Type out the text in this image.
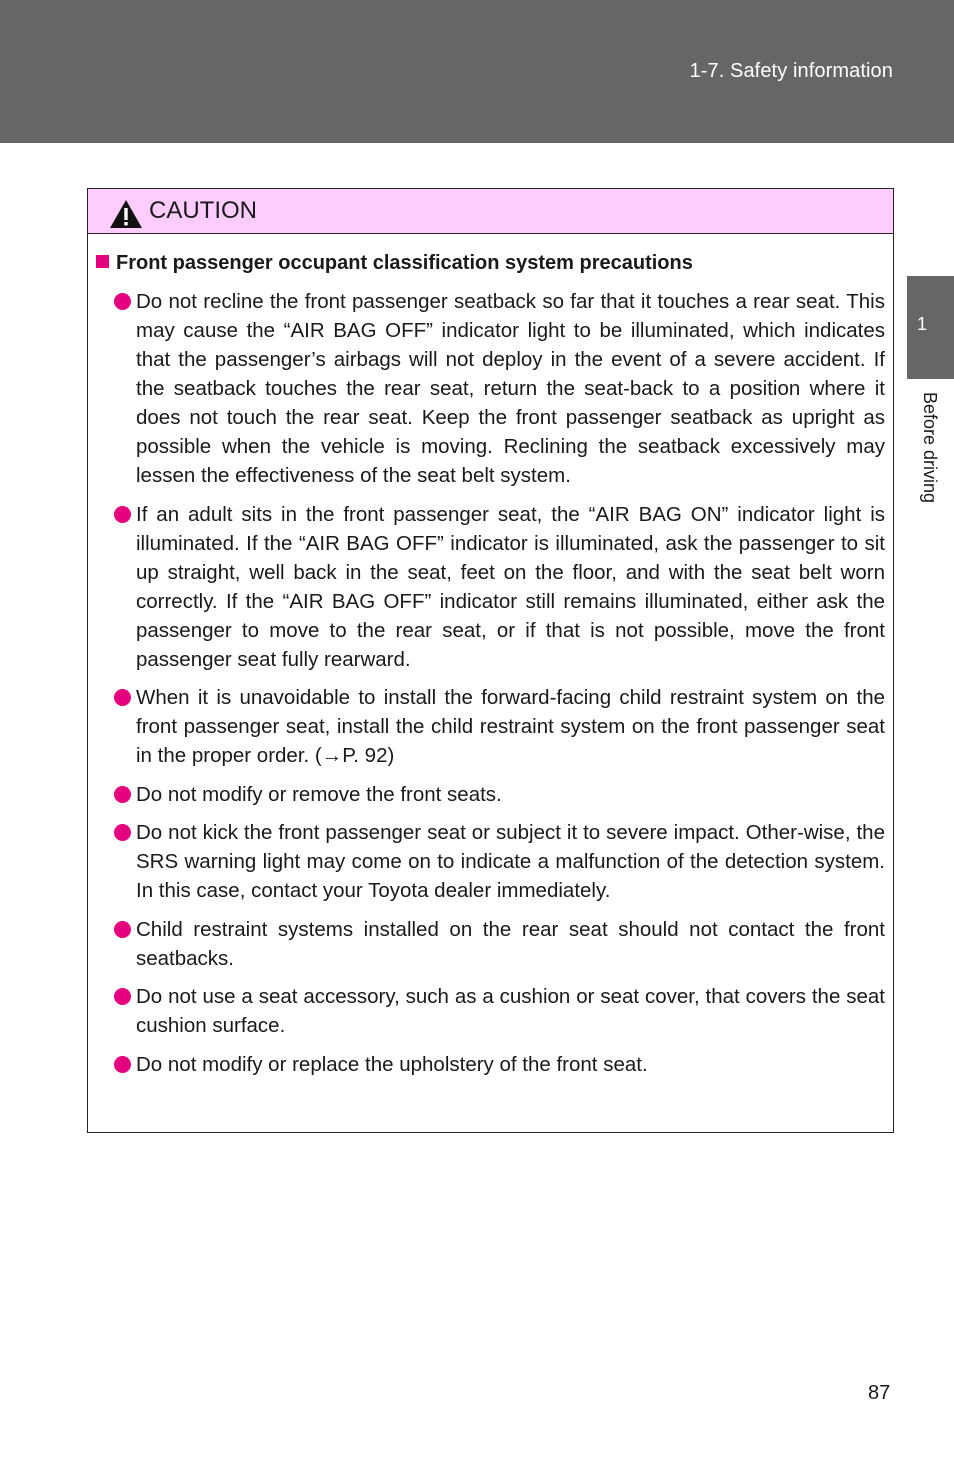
1-7. Safety information
1
Before driving
CAUTION
Front passenger occupant classification system precautions
Do not recline the front passenger seatback so far that it touches a rear seat. This may cause the “AIR BAG OFF” indicator light to be illuminated, which indicates that the passenger’s airbags will not deploy in the event of a severe accident. If the seatback touches the rear seat, return the seat-back to a position where it does not touch the rear seat. Keep the front passenger seatback as upright as possible when the vehicle is moving. Reclining the seatback excessively may lessen the effectiveness of the seat belt system.
If an adult sits in the front passenger seat, the “AIR BAG ON” indicator light is illuminated. If the “AIR BAG OFF” indicator is illuminated, ask the passenger to sit up straight, well back in the seat, feet on the floor, and with the seat belt worn correctly. If the “AIR BAG OFF” indicator still remains illuminated, either ask the passenger to move to the rear seat, or if that is not possible, move the front passenger seat fully rearward.
When it is unavoidable to install the forward-facing child restraint system on the front passenger seat, install the child restraint system on the front passenger seat in the proper order. (→P. 92)
Do not modify or remove the front seats.
Do not kick the front passenger seat or subject it to severe impact. Other-wise, the SRS warning light may come on to indicate a malfunction of the detection system. In this case, contact your Toyota dealer immediately.
Child restraint systems installed on the rear seat should not contact the front seatbacks.
Do not use a seat accessory, such as a cushion or seat cover, that covers the seat cushion surface.
Do not modify or replace the upholstery of the front seat.
87
